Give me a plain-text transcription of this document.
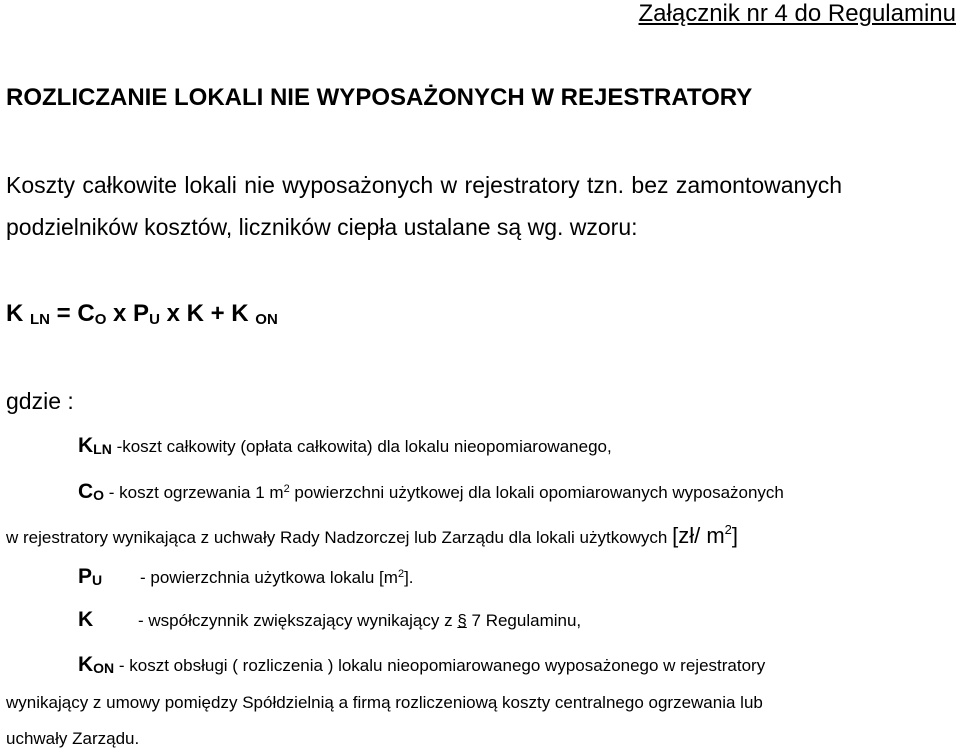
Załącznik nr 4 do Regulaminu
ROZLICZANIE LOKALI NIE WYPOSAŻONYCH W REJESTRATORY
Koszty całkowite lokali nie wyposażonych w rejestratory tzn. bez zamontowanych
podzielników kosztów, liczników ciepła ustalane są wg. wzoru:
K $_{LN} = C_O$ x $P_U$ x K + K $_{ON}$
gdzie :
$K_{LN}$ -koszt całkowity (opłata całkowita) dla lokalu nieopomiarowanego,
$C_O$ - koszt ogrzewania 1 $m^2$ powierzchni użytkowej dla lokali opomiarowanych wyposażonych
w rejestratory wynikająca z uchwały Rady Nadzorczej lub Zarządu dla lokali użytkowych [zł/ $m^2$]
$P_U$ - powierzchnia użytkowa lokalu $[m^2]$.
K	- współczynnik zwiększający wynikający z § 7 Regulaminu,
$K_{ON}$ - koszt obsługi ( rozliczenia ) lokalu nieopomiarowanego wyposażonego w rejestratory
wynikający z umowy pomiędzy Spółdzielnią a firmą rozliczeniową koszty centralnego ogrzewania lub
uchwały Zarządu.
